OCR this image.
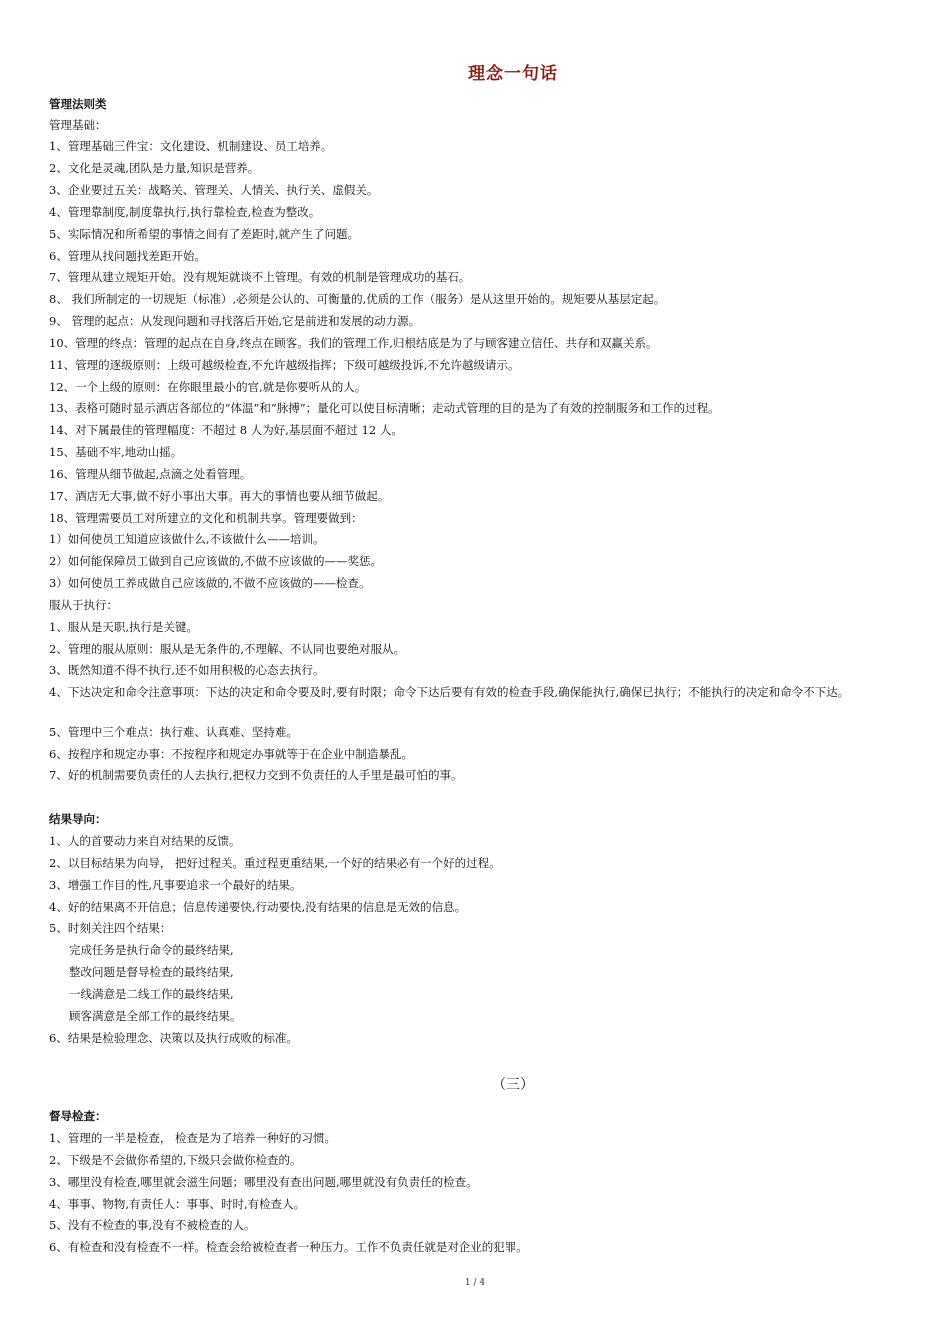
理念一句话
管理法则类
管理基础：
1、管理基础三件宝：文化建设、机制建设、员工培养。
2、文化是灵魂,团队是力量,知识是营养。
3、企业要过五关：战略关、管理关、人情关、执行关、虚假关。
4、管理靠制度,制度靠执行,执行靠检查,检查为整改。
5、实际情况和所希望的事情之间有了差距时,就产生了问题。
6、管理从找问题找差距开始。
7、管理从建立规矩开始。没有规矩就谈不上管理。有效的机制是管理成功的基石。
8、 我们所制定的一切规矩（标准）,必须是公认的、可衡量的,优质的工作（服务）是从这里开始的。规矩要从基层定起。
9、 管理的起点：从发现问题和寻找落后开始,它是前进和发展的动力源。
10、管理的终点：管理的起点在自身,终点在顾客。我们的管理工作,归根结底是为了与顾客建立信任、共存和双赢关系。
11、管理的逐级原则：上级可越级检查,不允许越级指挥；下级可越级投诉,不允许越级请示。
12、一个上级的原则：在你眼里最小的官,就是你要听从的人。
13、表格可随时显示酒店各部位的“体温”和“脉搏”；量化可以使目标清晰；走动式管理的目的是为了有效的控制服务和工作的过程。
14、对下属最佳的管理幅度：不超过 8 人为好,基层面不超过 12 人。
15、基础不牢,地动山摇。
16、管理从细节做起,点滴之处看管理。
17、酒店无大事,做不好小事出大事。再大的事情也要从细节做起。
18、管理需要员工对所建立的文化和机制共享。管理要做到：
1）如何使员工知道应该做什么,不该做什么——培训。
2）如何能保障员工做到自己应该做的,不做不应该做的——奖惩。
3）如何使员工养成做自己应该做的,不做不应该做的——检查。
服从于执行：
1、服从是天职,执行是关键。
2、管理的服从原则：服从是无条件的,不理解、不认同也要绝对服从。
3、既然知道不得不执行,还不如用积极的心态去执行。
4、下达决定和命令注意事项：下达的决定和命令要及时,要有时限；命令下达后要有有效的检查手段,确保能执行,确保已执行；不能执行的决定和命令不下达。
5、管理中三个难点：执行难、认真难、坚持难。
6、按程序和规定办事：不按程序和规定办事就等于在企业中制造暴乱。
7、好的机制需要负责任的人去执行,把权力交到不负责任的人手里是最可怕的事。
结果导向：
1、人的首要动力来自对结果的反馈。
2、以目标结果为向导， 把好过程关。重过程更重结果,一个好的结果必有一个好的过程。
3、增强工作目的性,凡事要追求一个最好的结果。
4、好的结果离不开信息；信息传递要快,行动要快,没有结果的信息是无效的信息。
5、时刻关注四个结果：
完成任务是执行命令的最终结果,
整改问题是督导检查的最终结果,
一线满意是二线工作的最终结果,
顾客满意是全部工作的最终结果。
6、结果是检验理念、决策以及执行成败的标准。
（三）
督导检查：
1、管理的一半是检查， 检查是为了培养一种好的习惯。
2、下级是不会做你希望的,下级只会做你检查的。
3、哪里没有检查,哪里就会滋生问题；哪里没有查出问题,哪里就没有负责任的检查。
4、事事、物物,有责任人：事事、时时,有检查人。
5、没有不检查的事,没有不被检查的人。
6、有检查和没有检查不一样。检查会给被检查者一种压力。工作不负责任就是对企业的犯罪。
1 / 4
